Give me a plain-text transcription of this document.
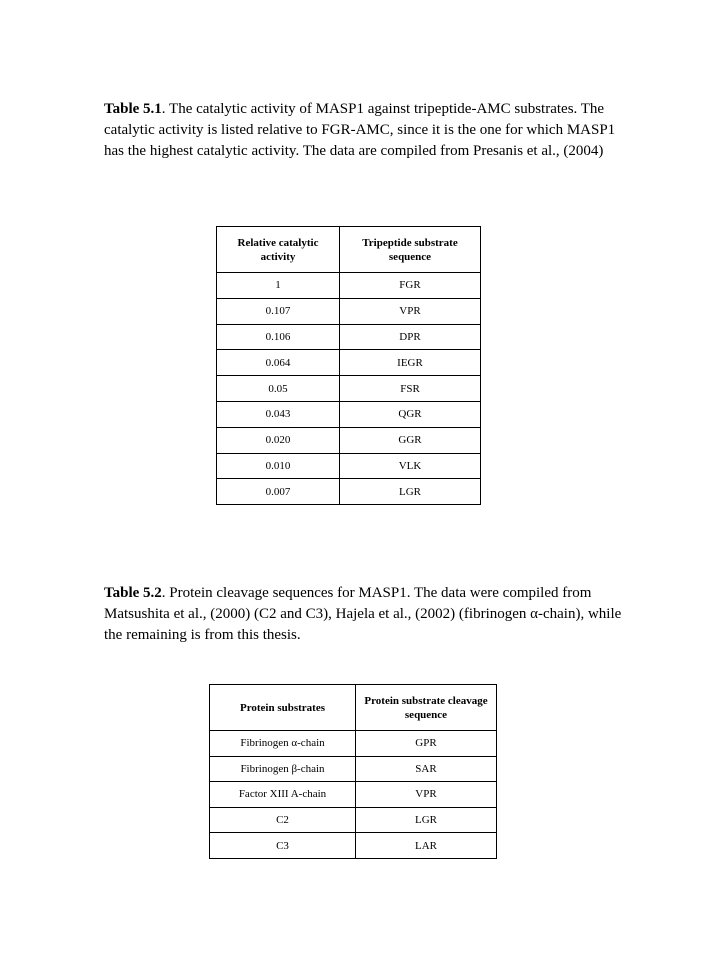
Table 5.1. The catalytic activity of MASP1 against tripeptide-AMC substrates. The catalytic activity is listed relative to FGR-AMC, since it is the one for which MASP1 has the highest catalytic activity. The data are compiled from Presanis et al., (2004)
Relative catalytic activity	Tripeptide substrate sequence
1	FGR
0.107	VPR
0.106	DPR
0.064	IEGR
0.05	FSR
0.043	QGR
0.020	GGR
0.010	VLK
0.007	LGR
Table 5.2. Protein cleavage sequences for MASP1. The data were compiled from Matsushita et al., (2000) (C2 and C3), Hajela et al., (2002) (fibrinogen α-chain), while the remaining is from this thesis.
Protein substrates	Protein substrate cleavage sequence
Fibrinogen α-chain	GPR
Fibrinogen β-chain	SAR
Factor XIII A-chain	VPR
C2	LGR
C3	LAR
